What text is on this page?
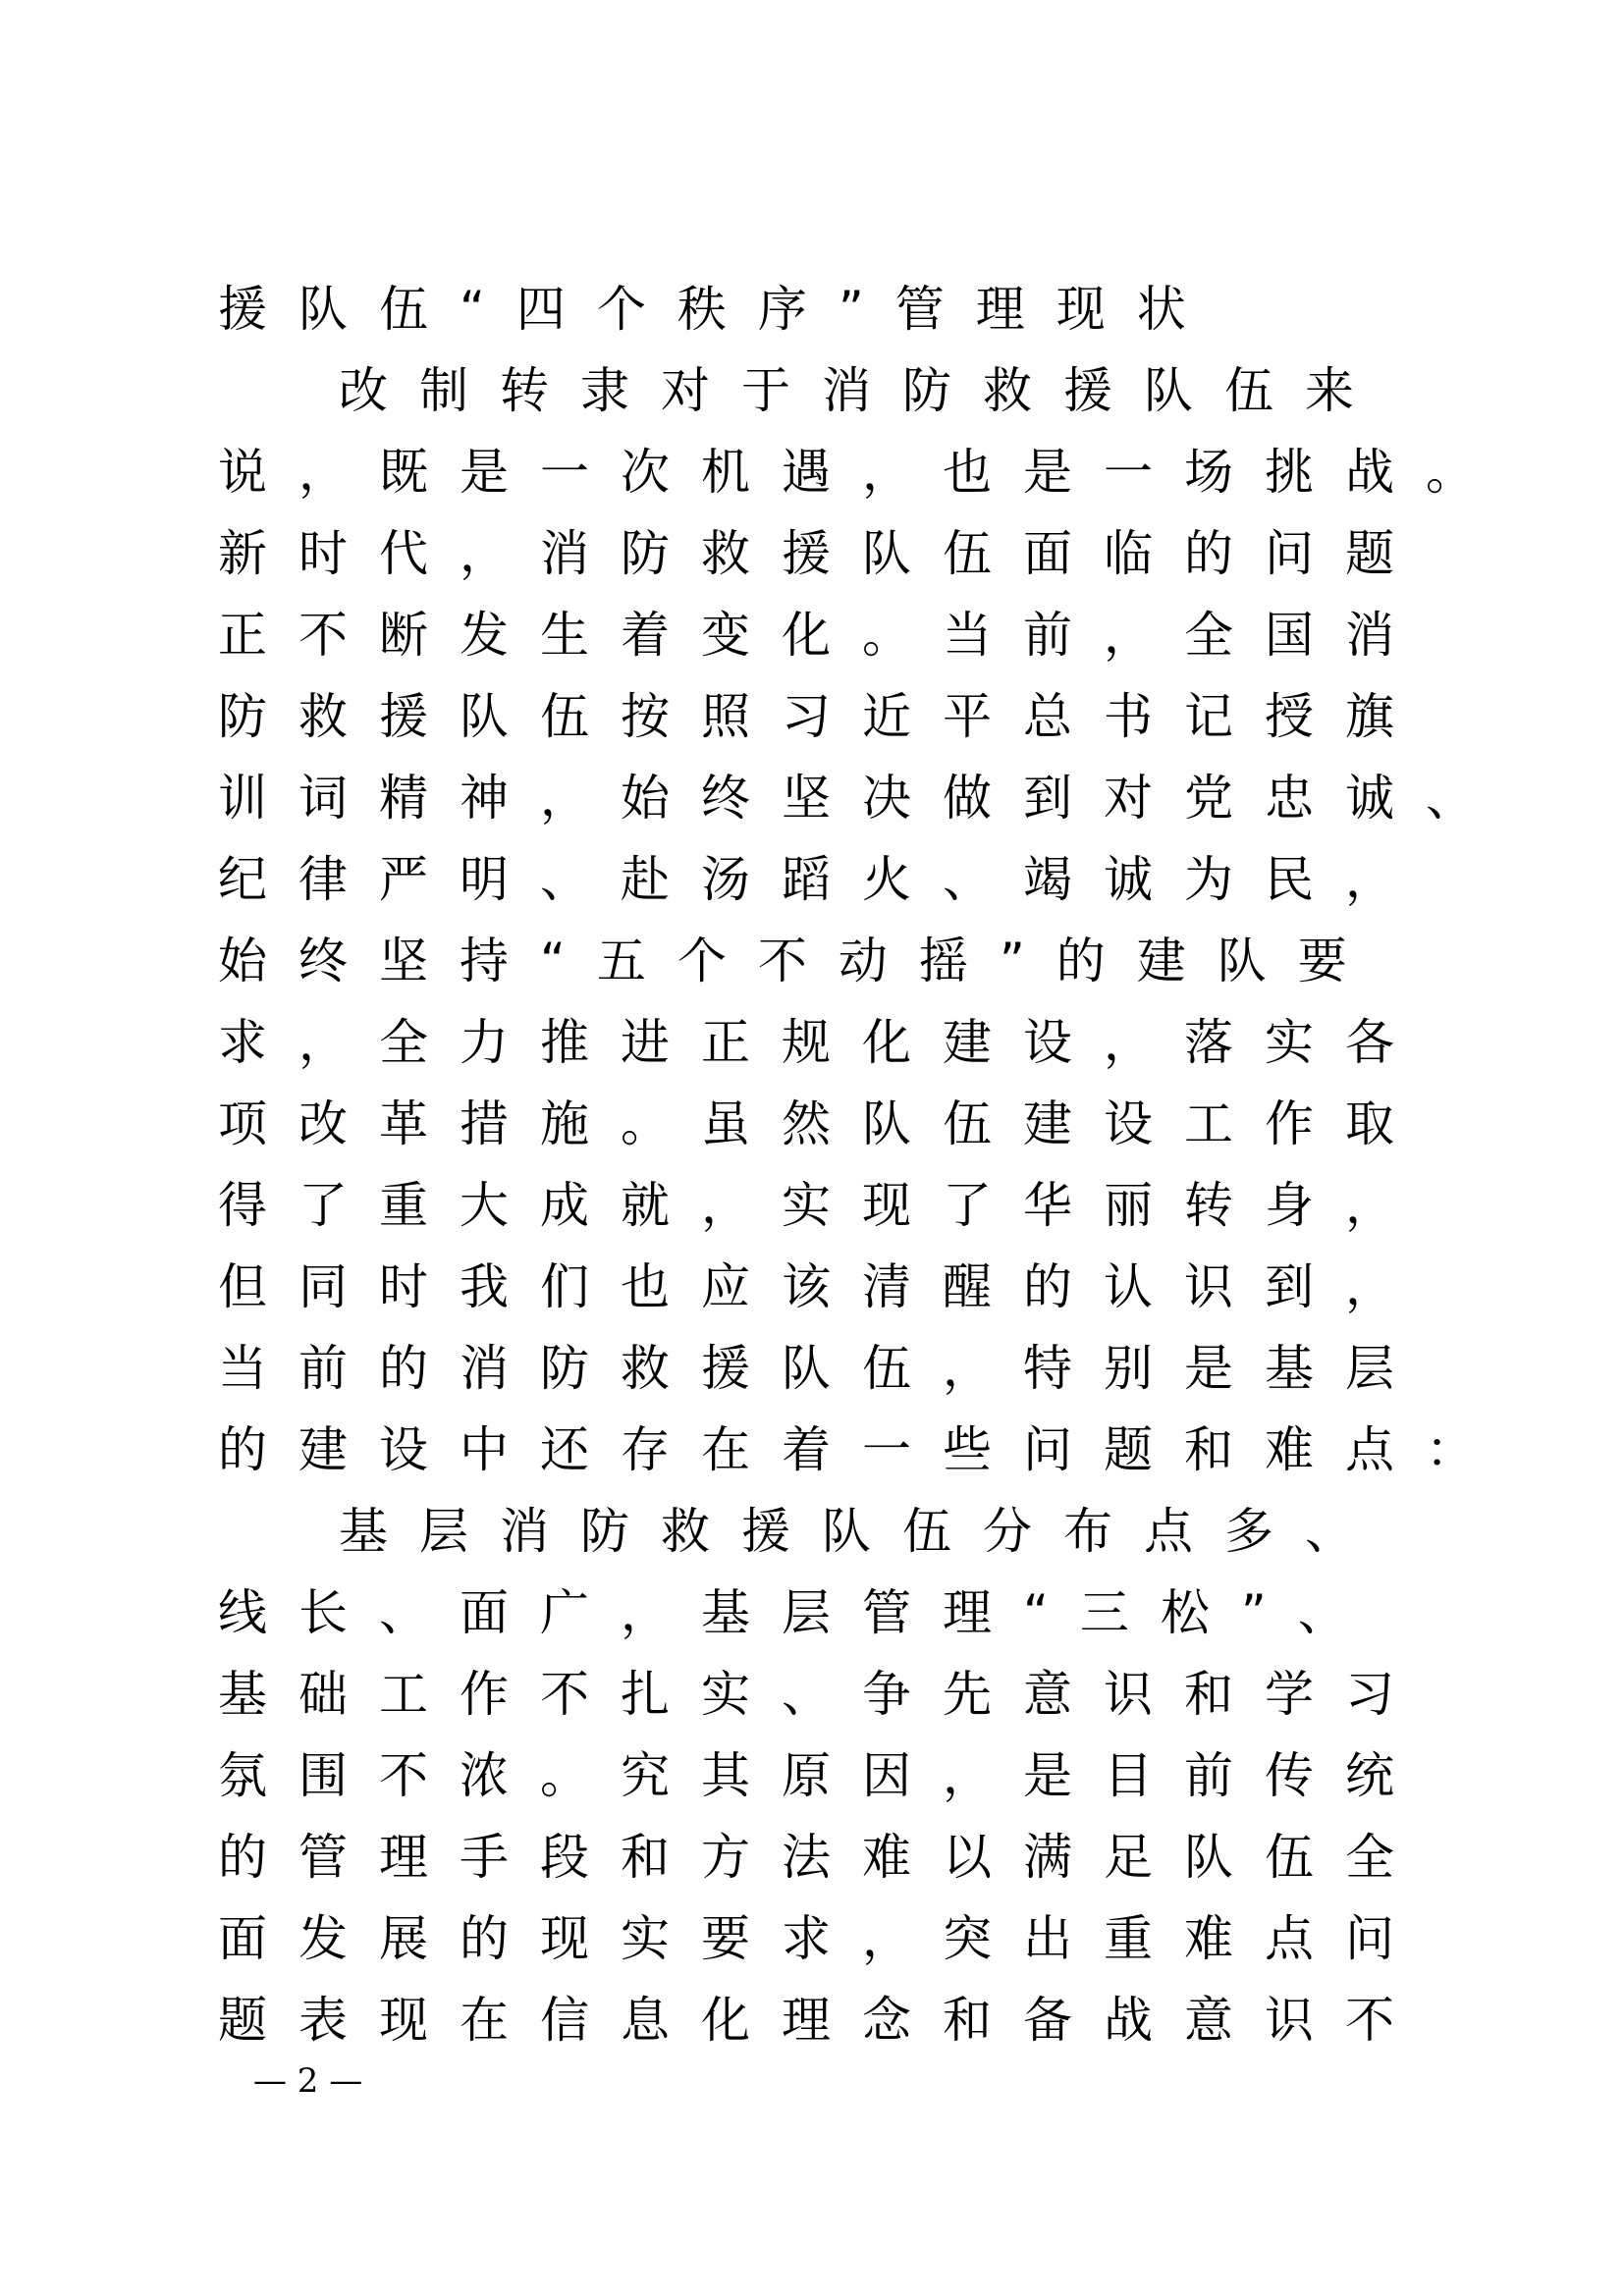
援队伍“四个秩序”管理现状
改制转隶对于消防救援队伍来
说，既是一次机遇，也是一场挑战。
新时代，消防救援队伍面临的问题
正不断发生着变化。当前，全国消
防救援队伍按照习近平总书记授旗
训词精神，始终坚决做到对党忠诚、
纪律严明、赴汤蹈火、竭诚为民，
始终坚持“五个不动摇”的建队要
求，全力推进正规化建设，落实各
项改革措施。虽然队伍建设工作取
得了重大成就，实现了华丽转身，
但同时我们也应该清醒的认识到，
当前的消防救援队伍，特别是基层
的建设中还存在着一些问题和难点：
基层消防救援队伍分布点多、
线长、面广，基层管理“三松”、
基础工作不扎实、争先意识和学习
氛围不浓。究其原因，是目前传统
的管理手段和方法难以满足队伍全
面发展的现实要求，突出重难点问
题表现在信息化理念和备战意识不
— 2 —
